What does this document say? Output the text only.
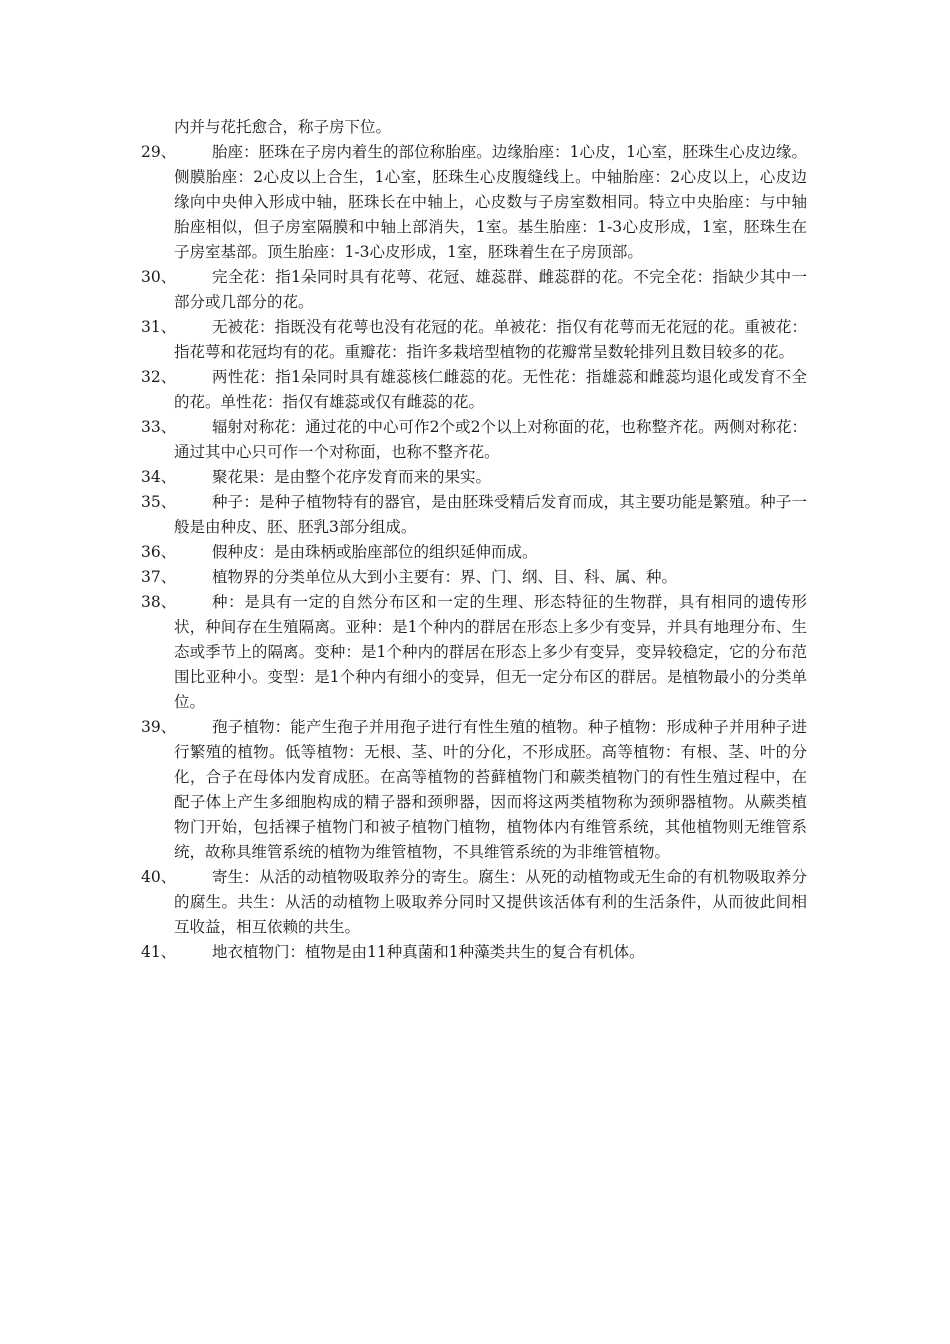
内并与花托愈合，称子房下位。
29、	胎座：胚珠在子房内着生的部位称胎座。边缘胎座：1心皮，1心室，胚珠生心皮边缘。侧膜胎座：2心皮以上合生，1心室，胚珠生心皮腹缝线上。中轴胎座：2心皮以上，心皮边缘向中央伸入形成中轴，胚珠长在中轴上，心皮数与子房室数相同。特立中央胎座：与中轴胎座相似，但子房室隔膜和中轴上部消失，1室。基生胎座：1-3心皮形成，1室，胚珠生在子房室基部。顶生胎座：1-3心皮形成，1室，胚珠着生在子房顶部。
30、	完全花：指1朵同时具有花萼、花冠、雄蕊群、雌蕊群的花。不完全花：指缺少其中一部分或几部分的花。
31、	无被花：指既没有花萼也没有花冠的花。单被花：指仅有花萼而无花冠的花。重被花：指花萼和花冠均有的花。重瓣花：指许多栽培型植物的花瓣常呈数轮排列且数目较多的花。
32、	两性花：指1朵同时具有雄蕊核仁雌蕊的花。无性花：指雄蕊和雌蕊均退化或发育不全的花。单性花：指仅有雄蕊或仅有雌蕊的花。
33、	辐射对称花：通过花的中心可作2个或2个以上对称面的花，也称整齐花。两侧对称花：通过其中心只可作一个对称面，也称不整齐花。
34、	聚花果：是由整个花序发育而来的果实。
35、	种子：是种子植物特有的器官，是由胚珠受精后发育而成，其主要功能是繁殖。种子一般是由种皮、胚、胚乳3部分组成。
36、	假种皮：是由珠柄或胎座部位的组织延伸而成。
37、	植物界的分类单位从大到小主要有：界、门、纲、目、科、属、种。
38、	种：是具有一定的自然分布区和一定的生理、形态特征的生物群，具有相同的遗传形状，种间存在生殖隔离。亚种：是1个种内的群居在形态上多少有变异，并具有地理分布、生态或季节上的隔离。变种：是1个种内的群居在形态上多少有变异，变异较稳定，它的分布范围比亚种小。变型：是1个种内有细小的变异，但无一定分布区的群居。是植物最小的分类单位。
39、	孢子植物：能产生孢子并用孢子进行有性生殖的植物。种子植物：形成种子并用种子进行繁殖的植物。低等植物：无根、茎、叶的分化，不形成胚。高等植物：有根、茎、叶的分化，合子在母体内发育成胚。在高等植物的苔藓植物门和蕨类植物门的有性生殖过程中，在配子体上产生多细胞构成的精子器和颈卵器，因而将这两类植物称为颈卵器植物。从蕨类植物门开始，包括裸子植物门和被子植物门植物，植物体内有维管系统，其他植物则无维管系统，故称具维管系统的植物为维管植物，不具维管系统的为非维管植物。
40、	寄生：从活的动植物吸取养分的寄生。腐生：从死的动植物或无生命的有机物吸取养分的腐生。共生：从活的动植物上吸取养分同时又提供该活体有利的生活条件，从而彼此间相互收益，相互依赖的共生。
41、	地衣植物门：植物是由11种真菌和1种藻类共生的复合有机体。
